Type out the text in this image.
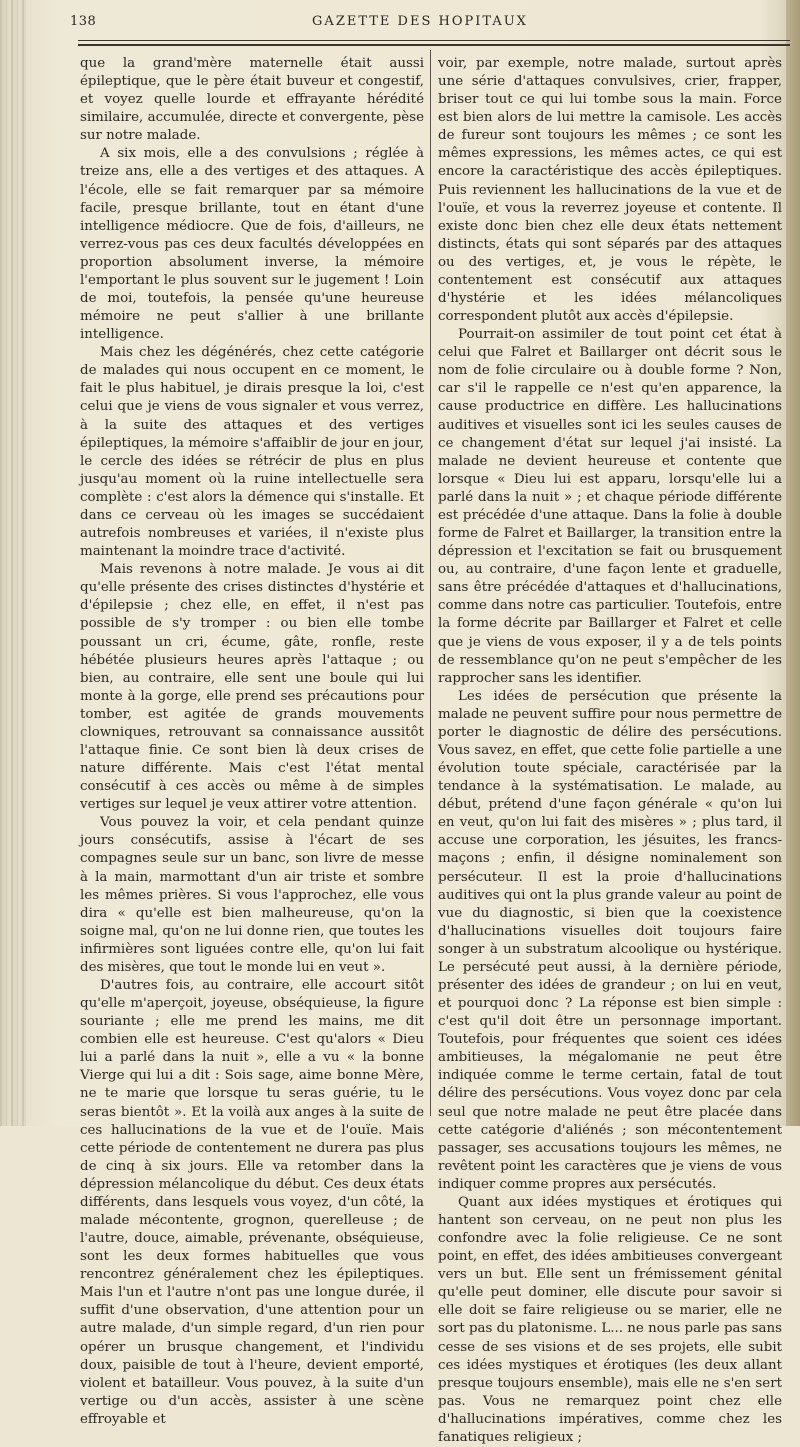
138	GAZETTE DES HOPITAUX

que la grand'mère maternelle était aussi épileptique, que le père était buveur et congestif, et voyez quelle lourde et effrayante hérédité similaire, accumulée, directe et convergente, pèse sur notre malade.

A six mois, elle a des convulsions ; réglée à treize ans, elle a des vertiges et des attaques. A l'école, elle se fait remarquer par sa mémoire facile, presque brillante, tout en étant d'une intelligence médiocre. Que de fois, d'ailleurs, ne verrez-vous pas ces deux facultés développées en proportion absolument inverse, la mémoire l'emportant le plus souvent sur le jugement ! Loin de moi, toutefois, la pensée qu'une heureuse mémoire ne peut s'allier à une brillante intelligence.

Mais chez les dégénérés, chez cette catégorie de malades qui nous occupent en ce moment, le fait le plus habituel, je dirais presque la loi, c'est celui que je viens de vous signaler et vous verrez, à la suite des attaques et des vertiges épileptiques, la mémoire s'affaiblir de jour en jour, le cercle des idées se rétrécir de plus en plus jusqu'au moment où la ruine intellectuelle sera complète : c'est alors la démence qui s'installe. Et dans ce cerveau où les images se succédaient autrefois nombreuses et variées, il n'existe plus maintenant la moindre trace d'activité.

Mais revenons à notre malade. Je vous ai dit qu'elle présente des crises distinctes d'hystérie et d'épilepsie ; chez elle, en effet, il n'est pas possible de s'y tromper : ou bien elle tombe poussant un cri, écume, gâte, ronfle, reste hébétée plusieurs heures après l'attaque ; ou bien, au contraire, elle sent une boule qui lui monte à la gorge, elle prend ses précautions pour tomber, est agitée de grands mouvements clowniques, retrouvant sa connaissance aussitôt l'attaque finie. Ce sont bien là deux crises de nature différente. Mais c'est l'état mental consécutif à ces accès ou même à de simples vertiges sur lequel je veux attirer votre attention.

Vous pouvez la voir, et cela pendant quinze jours consécutifs, assise à l'écart de ses compagnes seule sur un banc, son livre de messe à la main, marmottant d'un air triste et sombre les mêmes prières. Si vous l'approchez, elle vous dira « qu'elle est bien malheureuse, qu'on la soigne mal, qu'on ne lui donne rien, que toutes les infirmières sont liguées contre elle, qu'on lui fait des misères, que tout le monde lui en veut ».

D'autres fois, au contraire, elle accourt sitôt qu'elle m'aperçoit, joyeuse, obséquieuse, la figure souriante ; elle me prend les mains, me dit combien elle est heureuse. C'est qu'alors « Dieu lui a parlé dans la nuit », elle a vu « la bonne Vierge qui lui a dit : Sois sage, aime bonne Mère, ne te marie que lorsque tu seras guérie, tu le seras bientôt ». Et la voilà aux anges à la suite de ces hallucinations de la vue et de l'ouïe. Mais cette période de contentement ne durera pas plus de cinq à six jours. Elle va retomber dans la dépression mélancolique du début. Ces deux états différents, dans lesquels vous voyez, d'un côté, la malade mécontente, grognon, querelleuse ; de l'autre, douce, aimable, prévenante, obséquieuse, sont les deux formes habituelles que vous rencontrez généralement chez les épileptiques. Mais l'un et l'autre n'ont pas une longue durée, il suffit d'une observation, d'une attention pour un autre malade, d'un simple regard, d'un rien pour opérer un brusque changement, et l'individu doux, paisible de tout à l'heure, devient emporté, violent et batailleur. Vous pouvez, à la suite d'un vertige ou d'un accès, assister à une scène effroyable et

voir, par exemple, notre malade, surtout après une série d'attaques convulsives, crier, frapper, briser tout ce qui lui tombe sous la main. Force est bien alors de lui mettre la camisole. Les accès de fureur sont toujours les mêmes ; ce sont les mêmes expressions, les mêmes actes, ce qui est encore la caractéristique des accès épileptiques. Puis reviennent les hallucinations de la vue et de l'ouïe, et vous la reverrez joyeuse et contente. Il existe donc bien chez elle deux états nettement distincts, états qui sont séparés par des attaques ou des vertiges, et, je vous le répète, le contentement est consécutif aux attaques d'hystérie et les idées mélancoliques correspondent plutôt aux accès d'épilepsie.

Pourrait-on assimiler de tout point cet état à celui que Falret et Baillarger ont décrit sous le nom de folie circulaire ou à double forme ? Non, car s'il le rappelle ce n'est qu'en apparence, la cause productrice en diffère. Les hallucinations auditives et visuelles sont ici les seules causes de ce changement d'état sur lequel j'ai insisté. La malade ne devient heureuse et contente que lorsque « Dieu lui est apparu, lorsqu'elle lui a parlé dans la nuit » ; et chaque période différente est précédée d'une attaque. Dans la folie à double forme de Falret et Baillarger, la transition entre la dépression et l'excitation se fait ou brusquement ou, au contraire, d'une façon lente et graduelle, sans être précédée d'attaques et d'hallucinations, comme dans notre cas particulier. Toutefois, entre la forme décrite par Baillarger et Falret et celle que je viens de vous exposer, il y a de tels points de ressemblance qu'on ne peut s'empêcher de les rapprocher sans les identifier.

Les idées de persécution que présente la malade ne peuvent suffire pour nous permettre de porter le diagnostic de délire des persécutions. Vous savez, en effet, que cette folie partielle a une évolution toute spéciale, caractérisée par la tendance à la systématisation. Le malade, au début, prétend d'une façon générale « qu'on lui en veut, qu'on lui fait des misères » ; plus tard, il accuse une corporation, les jésuites, les francs-maçons ; enfin, il désigne nominalement son persécuteur. Il est la proie d'hallucinations auditives qui ont la plus grande valeur au point de vue du diagnostic, si bien que la coexistence d'hallucinations visuelles doit toujours faire songer à un substratum alcoolique ou hystérique. Le persécuté peut aussi, à la dernière période, présenter des idées de grandeur ; on lui en veut, et pourquoi donc ? La réponse est bien simple : c'est qu'il doit être un personnage important. Toutefois, pour fréquentes que soient ces idées ambitieuses, la mégalomanie ne peut être indiquée comme le terme certain, fatal de tout délire des persécutions. Vous voyez donc par cela seul que notre malade ne peut être placée dans cette catégorie d'aliénés ; son mécontentement passager, ses accusations toujours les mêmes, ne revêtent point les caractères que je viens de vous indiquer comme propres aux persécutés.

Quant aux idées mystiques et érotiques qui hantent son cerveau, on ne peut non plus les confondre avec la folie religieuse. Ce ne sont point, en effet, des idées ambitieuses convergeant vers un but. Elle sent un frémissement génital qu'elle peut dominer, elle discute pour savoir si elle doit se faire religieuse ou se marier, elle ne sort pas du platonisme. L... ne nous parle pas sans cesse de ses visions et de ses projets, elle subit ces idées mystiques et érotiques (les deux allant presque toujours ensemble), mais elle ne s'en sert pas. Vous ne remarquez point chez elle d'hallucinations impératives, comme chez les fanatiques religieux ;
